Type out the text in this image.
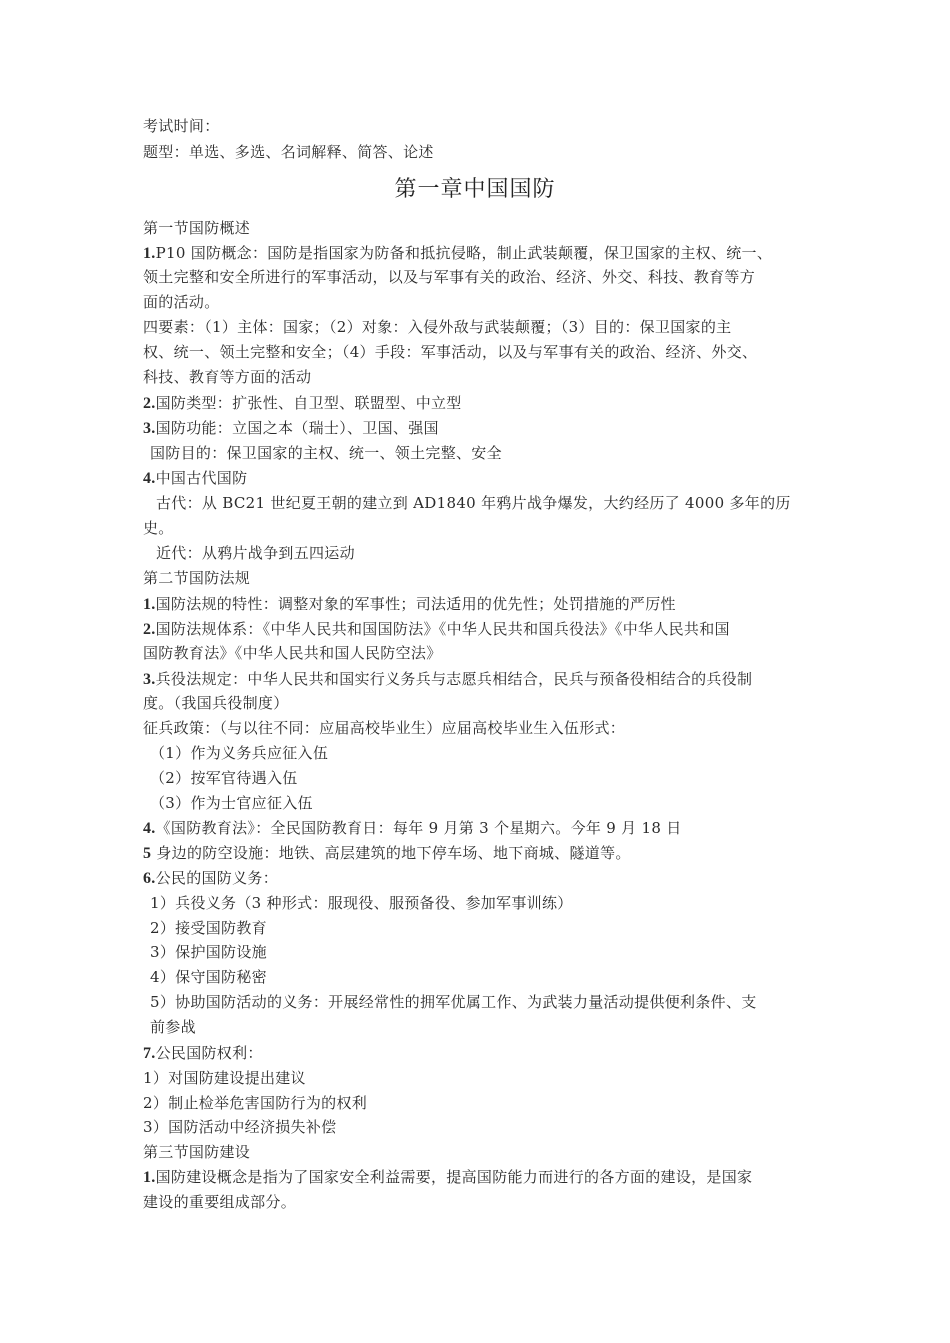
考试时间：
题型：单选、多选、名词解释、简答、论述
第一章中国国防
第一节国防概述
1.P10 国防概念：国防是指国家为防备和抵抗侵略，制止武装颠覆，保卫国家的主权、统一、
领土完整和安全所进行的军事活动，以及与军事有关的政治、经济、外交、科技、教育等方
面的活动。
四要素：（1）主体：国家；（2）对象：入侵外敌与武装颠覆；（3）目的：保卫国家的主
权、统一、领土完整和安全；（4）手段：军事活动，以及与军事有关的政治、经济、外交、
科技、教育等方面的活动
2.国防类型：扩张性、自卫型、联盟型、中立型
3.国防功能：立国之本（瑞士）、卫国、强国
国防目的：保卫国家的主权、统一、领土完整、安全
4.中国古代国防
古代：从 BC21 世纪夏王朝的建立到 AD1840 年鸦片战争爆发，大约经历了 4000 多年的历
史。
近代：从鸦片战争到五四运动
第二节国防法规
1.国防法规的特性：调整对象的军事性；司法适用的优先性；处罚措施的严厉性
2.国防法规体系：《中华人民共和国国防法》《中华人民共和国兵役法》《中华人民共和国
国防教育法》《中华人民共和国人民防空法》
3.兵役法规定：中华人民共和国实行义务兵与志愿兵相结合，民兵与预备役相结合的兵役制
度。（我国兵役制度）
征兵政策：（与以往不同：应届高校毕业生）应届高校毕业生入伍形式：
（1）作为义务兵应征入伍
（2）按军官待遇入伍
（3）作为士官应征入伍
4.《国防教育法》：全民国防教育日：每年 9 月第 3 个星期六。今年 9 月 18 日
5 身边的防空设施：地铁、高层建筑的地下停车场、地下商城、隧道等。
6.公民的国防义务：
1）兵役义务（3 种形式：服现役、服预备役、参加军事训练）
2）接受国防教育
3）保护国防设施
4）保守国防秘密
5）协助国防活动的义务：开展经常性的拥军优属工作、为武装力量活动提供便利条件、支
前参战
7.公民国防权利：
1）对国防建设提出建议
2）制止检举危害国防行为的权利
3）国防活动中经济损失补偿
第三节国防建设
1.国防建设概念是指为了国家安全利益需要，提高国防能力而进行的各方面的建设，是国家
建设的重要组成部分。
